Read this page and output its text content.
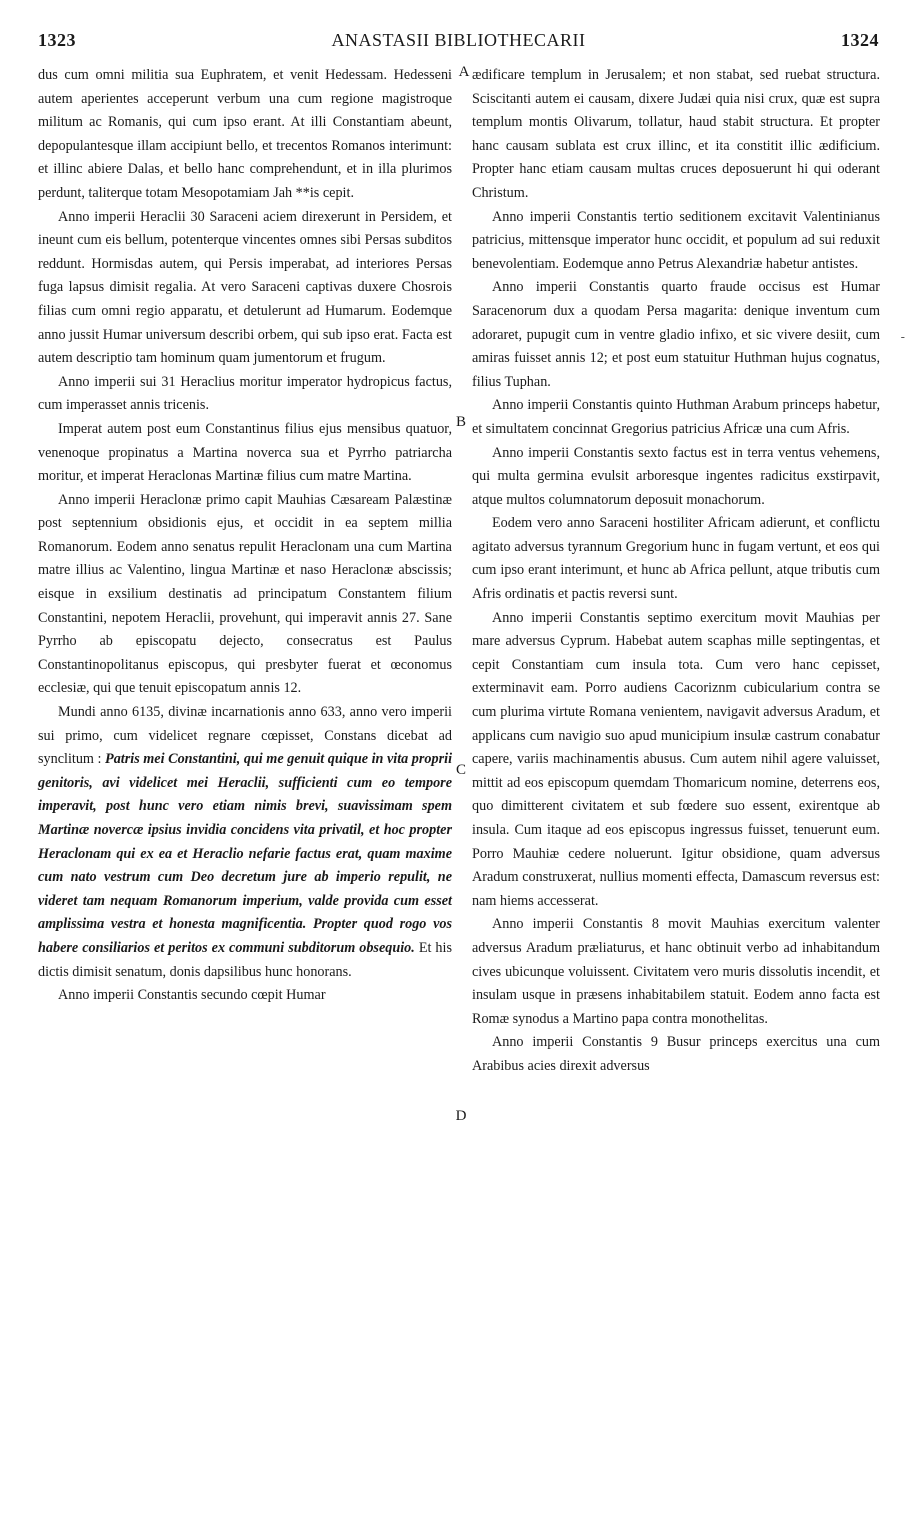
1323	ANASTASII BIBLIOTHECARII	1324
A
B
C
D
-

dus cum omni militia sua Euphratem, et venit Hedessam. Hedesseni autem aperientes acceperunt verbum una cum regione magistroque militum ac Romanis, qui cum ipso erant. At illi Constantiam abeunt, depopulantesque illam accipiunt bello, et trecentos Romanos interimunt: et illinc abiere Dalas, et bello hanc comprehendunt, et in illa plurimos perdunt, taliterque totam Mesopotamiam Jah **is cepit.

Anno imperii Heraclii 30 Saraceni aciem direxerunt in Persidem, et ineunt cum eis bellum, potenterque vincentes omnes sibi Persas subditos reddunt. Hormisdas autem, qui Persis imperabat, ad interiores Persas fuga lapsus dimisit regalia. At vero Saraceni captivas duxere Chosrois filias cum omni regio apparatu, et detulerunt ad Humarum. Eodemque anno jussit Humar universum describi orbem, qui sub ipso erat. Facta est autem descriptio tam hominum quam jumentorum et frugum.

Anno imperii sui 31 Heraclius moritur imperator hydropicus factus, cum imperasset annis tricenis.

Imperat autem post eum Constantinus filius ejus mensibus quatuor, venenoque propinatus a Martina noverca sua et Pyrrho patriarcha moritur, et imperat Heraclonas Martinæ filius cum matre Martina.

Anno imperii Heraclonæ primo capit Mauhias Cæsaream Palæstinæ post septennium obsidionis ejus, et occidit in ea septem millia Romanorum. Eodem anno senatus repulit Heraclonam una cum Martina matre illius ac Valentino, lingua Martinæ et naso Heraclonæ abscissis; eisque in exsilium destinatis ad principatum Constantem filium Constantini, nepotem Heraclii, provehunt, qui imperavit annis 27. Sane Pyrrho ab episcopatu dejecto, consecratus est Paulus Constantinopolitanus episcopus, qui presbyter fuerat et œconomus ecclesiæ, qui que tenuit episcopatum annis 12.

Mundi anno 6135, divinæ incarnationis anno 633, anno vero imperii sui primo, cum videlicet regnare cœpisset, Constans dicebat ad synclitum : Patris mei Constantini, qui me genuit quique in vita proprii genitoris, avi videlicet mei Heraclii, sufficienti cum eo tempore imperavit, post hunc vero etiam nimis brevi, suavissimam spem Martinæ novercæ ipsius invidia concidens vita privatil, et hoc propter Heraclonam qui ex ea et Heraclio nefarie factus erat, quam maxime cum nato vestrum cum Deo decretum jure ab imperio repulit, ne videret tam nequam Romanorum imperium, valde provida cum esset amplissima vestra et honesta magnificentia. Propter quod rogo vos habere consiliarios et peritos ex communi subditorum obsequio. Et his dictis dimisit senatum, donis dapsilibus hunc honorans.

Anno imperii Constantis secundo cœpit Humar

ædificare templum in Jerusalem; et non stabat, sed ruebat structura. Sciscitanti autem ei causam, dixere Judæi quia nisi crux, quæ est supra templum montis Olivarum, tollatur, haud stabit structura. Et propter hanc causam sublata est crux illinc, et ita constitit illic ædificium. Propter hanc etiam causam multas cruces deposuerunt hi qui oderant Christum.

Anno imperii Constantis tertio seditionem excitavit Valentinianus patricius, mittensque imperator hunc occidit, et populum ad sui reduxit benevolentiam. Eodemque anno Petrus Alexandriæ habetur antistes.

Anno imperii Constantis quarto fraude occisus est Humar Saracenorum dux a quodam Persa magarita: denique inventum cum adoraret, pupugit cum in ventre gladio infixo, et sic vivere desiit, cum amiras fuisset annis 12; et post eum statuitur Huthman hujus cognatus, filius Tuphan.

Anno imperii Constantis quinto Huthman Arabum princeps habetur, et simultatem concinnat Gregorius patricius Africæ una cum Afris.

Anno imperii Constantis sexto factus est in terra ventus vehemens, qui multa germina evulsit arboresque ingentes radicitus exstirpavit, atque multos columnatorum deposuit monachorum.

Eodem vero anno Saraceni hostiliter Africam adierunt, et conflictu agitato adversus tyrannum Gregorium hunc in fugam vertunt, et eos qui cum ipso erant interimunt, et hunc ab Africa pellunt, atque tributis cum Afris ordinatis et pactis reversi sunt.

Anno imperii Constantis septimo exercitum movit Mauhias per mare adversus Cyprum. Habebat autem scaphas mille septingentas, et cepit Constantiam cum insula tota. Cum vero hanc cepisset, exterminavit eam. Porro audiens Cacoriznm cubicularium contra se cum plurima virtute Romana venientem, navigavit adversus Aradum, et applicans cum navigio suo apud municipium insulæ castrum conabatur capere, variis machinamentis abusus. Cum autem nihil agere valuisset, mittit ad eos episcopum quemdam Thomaricum nomine, deterrens eos, quo dimitterent civitatem et sub fœdere suo essent, exirentque ab insula. Cum itaque ad eos episcopus ingressus fuisset, tenuerunt eum. Porro Mauhiæ cedere noluerunt. Igitur obsidione, quam adversus Aradum construxerat, nullius momenti effecta, Damascum reversus est: nam hiems accesserat.

Anno imperii Constantis 8 movit Mauhias exercitum valenter adversus Aradum præliaturus, et hanc obtinuit verbo ad inhabitandum cives ubicunque voluissent. Civitatem vero muris dissolutis incendit, et insulam usque in præsens inhabitabilem statuit. Eodem anno facta est Romæ synodus a Martino papa contra monothelitas.

Anno imperii Constantis 9 Busur princeps exercitus una cum Arabibus acies direxit adversus
